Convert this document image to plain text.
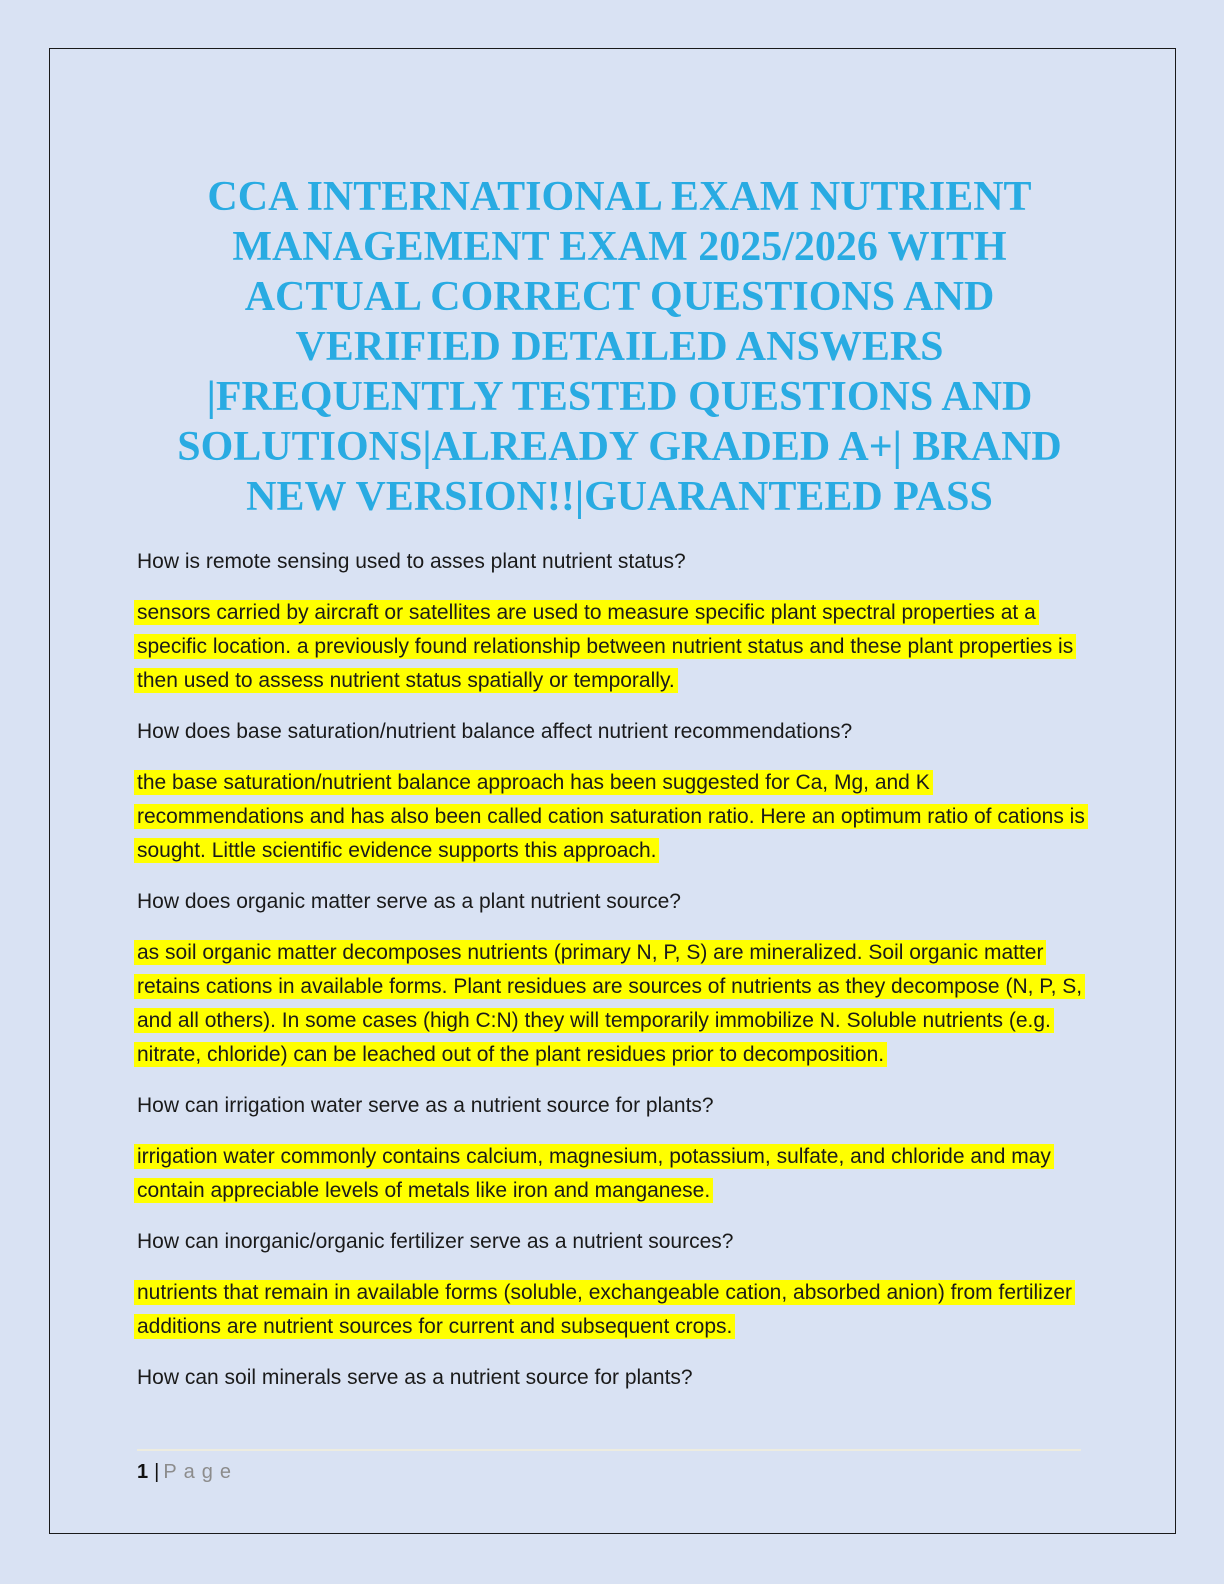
CCA INTERNATIONAL EXAM NUTRIENT
MANAGEMENT EXAM 2025/2026 WITH
ACTUAL CORRECT QUESTIONS AND
VERIFIED DETAILED ANSWERS
|FREQUENTLY TESTED QUESTIONS AND
SOLUTIONS|ALREADY GRADED A+| BRAND
NEW VERSION!!|GUARANTEED PASS

How is remote sensing used to asses plant nutrient status?

sensors carried by aircraft or satellites are used to measure specific plant spectral properties at a specific location. a previously found relationship between nutrient status and these plant properties is then used to assess nutrient status spatially or temporally.

How does base saturation/nutrient balance affect nutrient recommendations?

the base saturation/nutrient balance approach has been suggested for Ca, Mg, and K recommendations and has also been called cation saturation ratio. Here an optimum ratio of cations is sought. Little scientific evidence supports this approach.

How does organic matter serve as a plant nutrient source?

as soil organic matter decomposes nutrients (primary N, P, S) are mineralized. Soil organic matter retains cations in available forms. Plant residues are sources of nutrients as they decompose (N, P, S, and all others). In some cases (high C:N) they will temporarily immobilize N. Soluble nutrients (e.g. nitrate, chloride) can be leached out of the plant residues prior to decomposition.

How can irrigation water serve as a nutrient source for plants?

irrigation water commonly contains calcium, magnesium, potassium, sulfate, and chloride and may contain appreciable levels of metals like iron and manganese.

How can inorganic/organic fertilizer serve as a nutrient sources?

nutrients that remain in available forms (soluble, exchangeable cation, absorbed anion) from fertilizer additions are nutrient sources for current and subsequent crops.

How can soil minerals serve as a nutrient source for plants?

1 | Page
